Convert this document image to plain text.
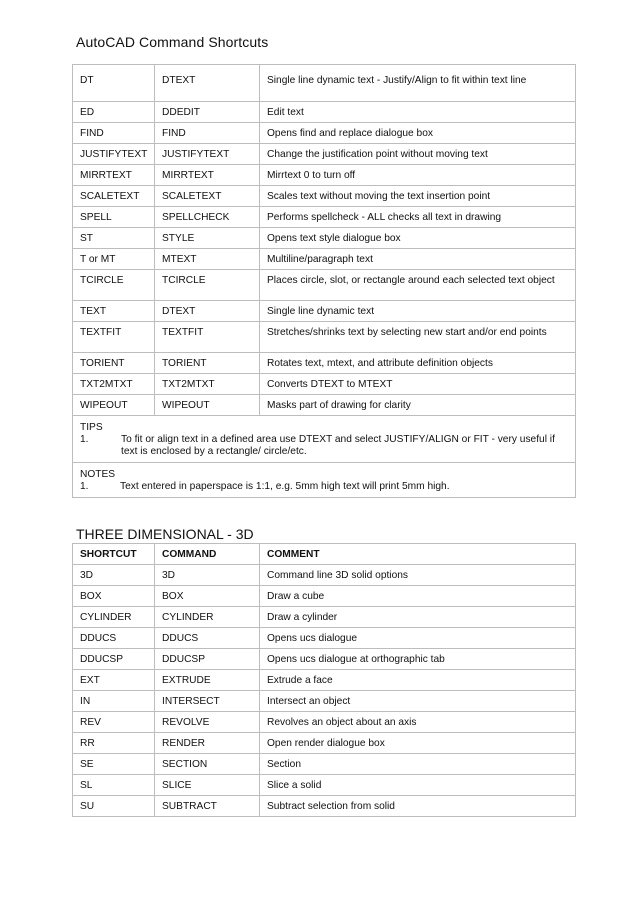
AutoCAD Command Shortcuts
DT	DTEXT	Single line dynamic text - Justify/Align to fit within text line
ED	DDEDIT	Edit text
FIND	FIND	Opens find and replace dialogue box
JUSTIFYTEXT	JUSTIFYTEXT	Change the justification point without moving text
MIRRTEXT	MIRRTEXT	Mirrtext 0 to turn off
SCALETEXT	SCALETEXT	Scales text without moving the text insertion point
SPELL	SPELLCHECK	Performs spellcheck - ALL checks all text in drawing
ST	STYLE	Opens text style dialogue box
T or MT	MTEXT	Multiline/paragraph text
TCIRCLE	TCIRCLE	Places circle, slot, or rectangle around each selected text object
TEXT	DTEXT	Single line dynamic text
TEXTFIT	TEXTFIT	Stretches/shrinks text by selecting new start and/or end points
TORIENT	TORIENT	Rotates text, mtext, and attribute definition objects
TXT2MTXT	TXT2MTXT	Converts DTEXT to MTEXT
WIPEOUT	WIPEOUT	Masks part of drawing for clarity

TIPS
1. To fit or align text in a defined area use DTEXT and select JUSTIFY/ALIGN or FIT - very useful if text is enclosed by a rectangle/ circle/etc.		

NOTES
1. Text entered in paperspace is 1:1, e.g. 5mm high text will print 5mm high.		
THREE DIMENSIONAL - 3D
SHORTCUT	COMMAND	COMMENT
3D	3D	Command line 3D solid options
BOX	BOX	Draw a cube
CYLINDER	CYLINDER	Draw a cylinder
DDUCS	DDUCS	Opens ucs dialogue
DDUCSP	DDUCSP	Opens ucs dialogue at orthographic tab
EXT	EXTRUDE	Extrude a face
IN	INTERSECT	Intersect an object
REV	REVOLVE	Revolves an object about an axis
RR	RENDER	Open render dialogue box
SE	SECTION	Section
SL	SLICE	Slice a solid
SU	SUBTRACT	Subtract selection from solid
